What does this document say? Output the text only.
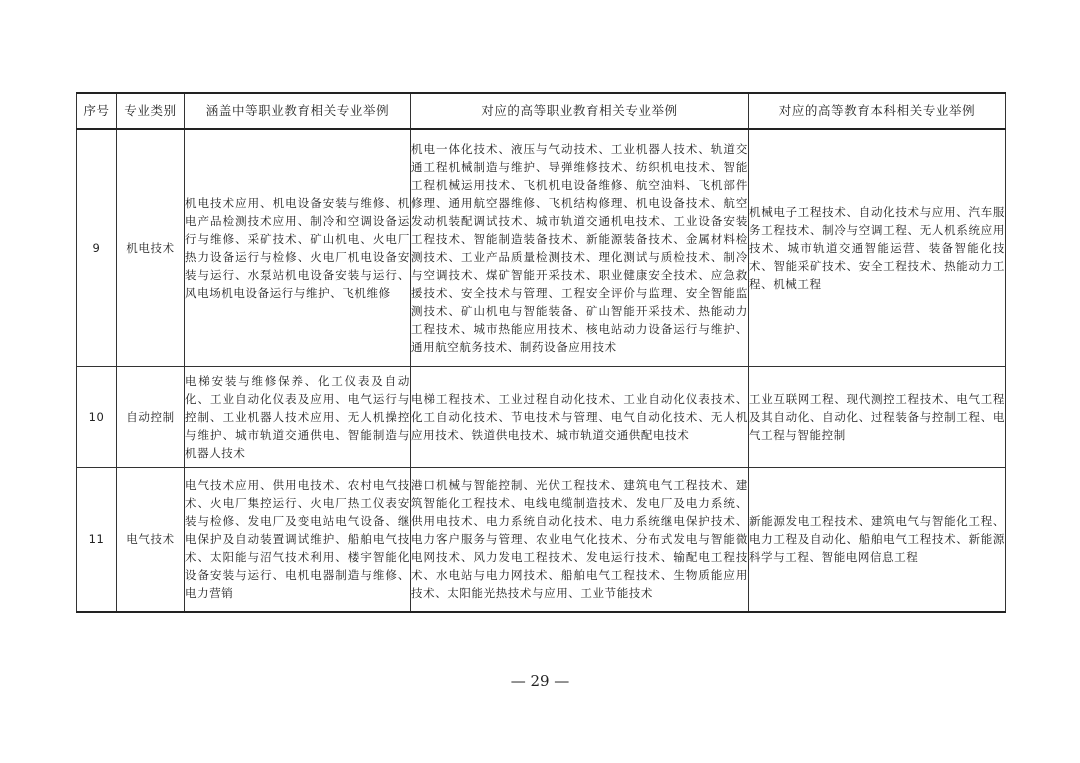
序号	专业类别	涵盖中等职业教育相关专业举例	对应的高等职业教育相关专业举例	对应的高等教育本科相关专业举例
9	机电技术	机电技术应用、机电设备安装与维修、机电产品检测技术应用、制冷和空调设备运行与维修、采矿技术、矿山机电、火电厂热力设备运行与检修、火电厂机电设备安装与运行、水泵站机电设备安装与运行、风电场机电设备运行与维护、飞机维修	机电一体化技术、液压与气动技术、工业机器人技术、轨道交通工程机械制造与维护、导弹维修技术、纺织机电技术、智能工程机械运用技术、飞机机电设备维修、航空油料、飞机部件修理、通用航空器维修、飞机结构修理、机电设备技术、航空发动机装配调试技术、城市轨道交通机电技术、工业设备安装工程技术、智能制造装备技术、新能源装备技术、金属材料检测技术、工业产品质量检测技术、理化测试与质检技术、制冷与空调技术、煤矿智能开采技术、职业健康安全技术、应急救援技术、安全技术与管理、工程安全评价与监理、安全智能监测技术、矿山机电与智能装备、矿山智能开采技术、热能动力工程技术、城市热能应用技术、核电站动力设备运行与维护、通用航空航务技术、制药设备应用技术	机械电子工程技术、自动化技术与应用、汽车服务工程技术、制冷与空调工程、无人机系统应用技术、城市轨道交通智能运营、装备智能化技术、智能采矿技术、安全工程技术、热能动力工程、机械工程
10	自动控制	电梯安装与维修保养、化工仪表及自动化、工业自动化仪表及应用、电气运行与控制、工业机器人技术应用、无人机操控与维护、城市轨道交通供电、智能制造与机器人技术	电梯工程技术、工业过程自动化技术、工业自动化仪表技术、化工自动化技术、节电技术与管理、电气自动化技术、无人机应用技术、铁道供电技术、城市轨道交通供配电技术	工业互联网工程、现代测控工程技术、电气工程及其自动化、自动化、过程装备与控制工程、电气工程与智能控制
11	电气技术	电气技术应用、供用电技术、农村电气技术、火电厂集控运行、火电厂热工仪表安装与检修、发电厂及变电站电气设备、继电保护及自动装置调试维护、船舶电气技术、太阳能与沼气技术利用、楼宇智能化设备安装与运行、电机电器制造与维修、电力营销	港口机械与智能控制、光伏工程技术、建筑电气工程技术、建筑智能化工程技术、电线电缆制造技术、发电厂及电力系统、供用电技术、电力系统自动化技术、电力系统继电保护技术、电力客户服务与管理、农业电气化技术、分布式发电与智能微电网技术、风力发电工程技术、发电运行技术、输配电工程技术、水电站与电力网技术、船舶电气工程技术、生物质能应用技术、太阳能光热技术与应用、工业节能技术	新能源发电工程技术、建筑电气与智能化工程、电力工程及自动化、船舶电气工程技术、新能源科学与工程、智能电网信息工程
— 29 —
